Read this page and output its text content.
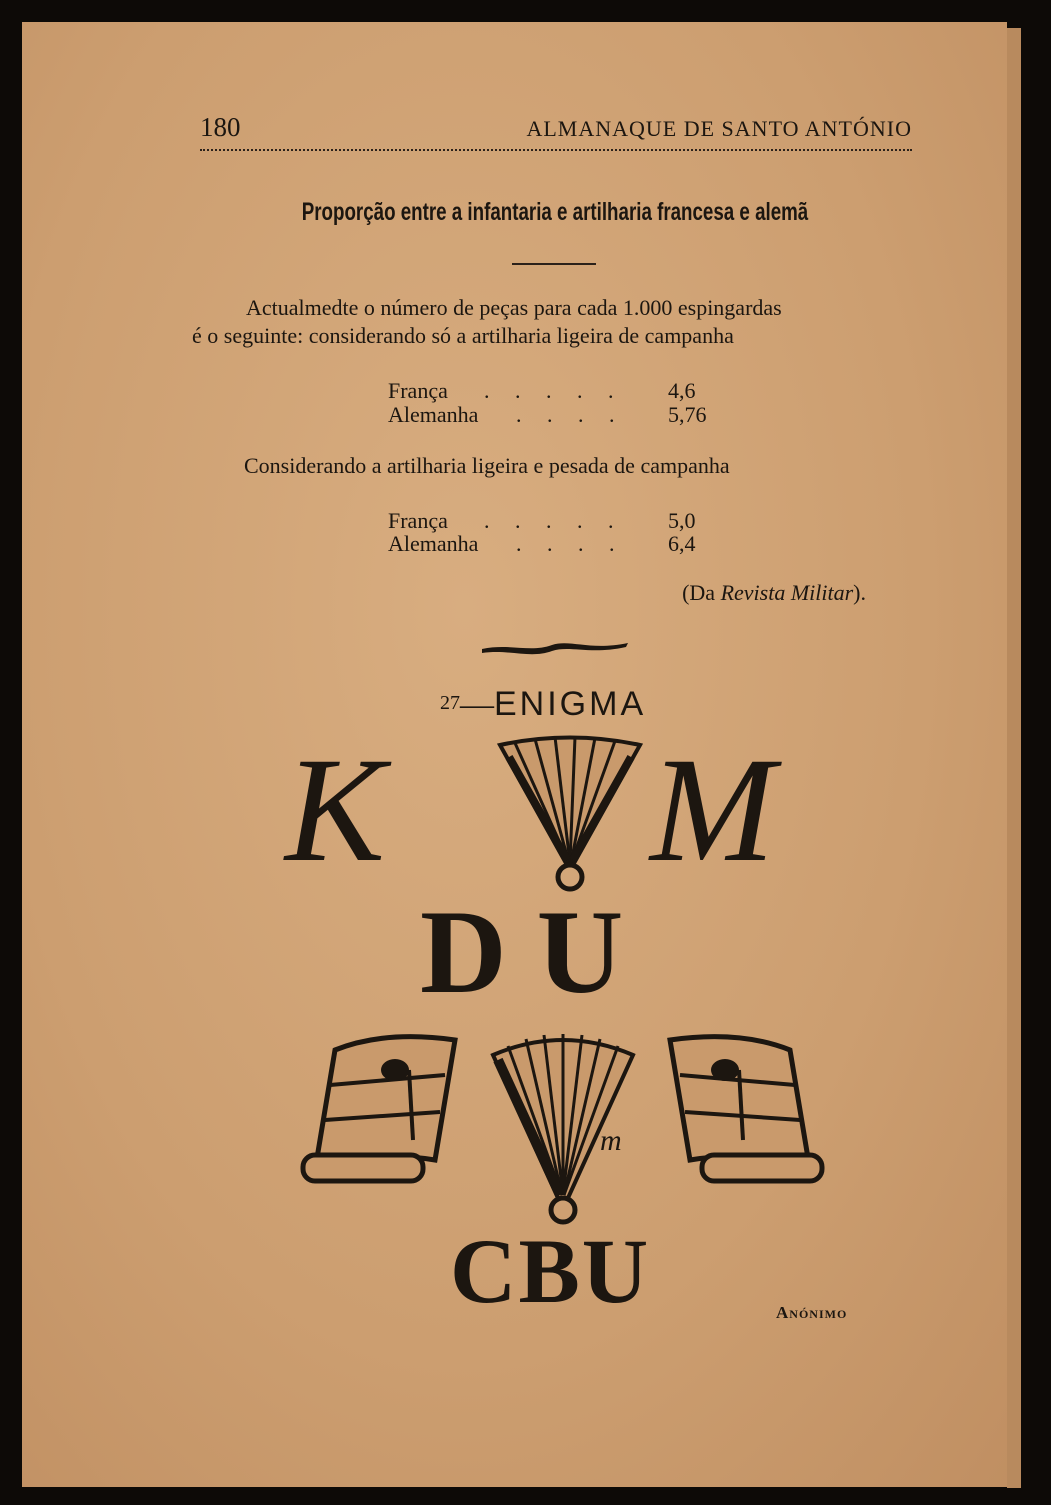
180	ALMANAQUE DE SANTO ANTÓNIO
Proporção entre a infantaria e artilharia francesa e alemã
Actualmedte o número de peças para cada 1.000 espingardas
é o seguinte: considerando só a artilharia ligeira de campanha
França . . . . . 4,6
Alemanha . . . . 5,76
Considerando a artilharia ligeira e pesada de campanha
França . . . . . 5,0
Alemanha . . . . 6,4
(Da Revista Militar).
27—ENIGMA
K M
DU
m
CBU	Anónimo
